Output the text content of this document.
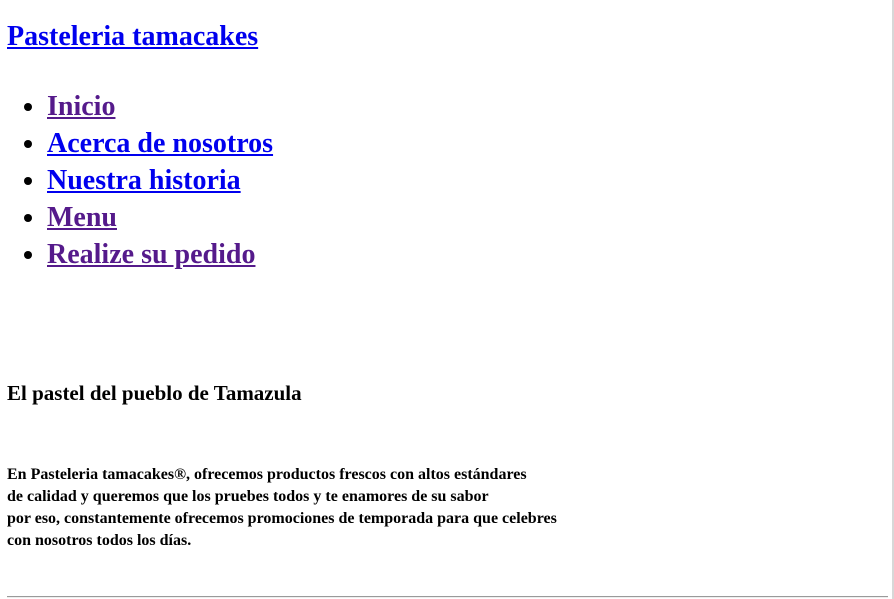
Pasteleria tamacakes
• Inicio
• Acerca de nosotros
• Nuestra historia
• Menu
• Realize su pedido
El pastel del pueblo de Tamazula

En Pasteleria tamacakes®, ofrecemos productos frescos con altos estándares
de calidad y queremos que los pruebes todos y te enamores de su sabor
por eso, constantemente ofrecemos promociones de temporada para que celebres
con nosotros todos los días.
